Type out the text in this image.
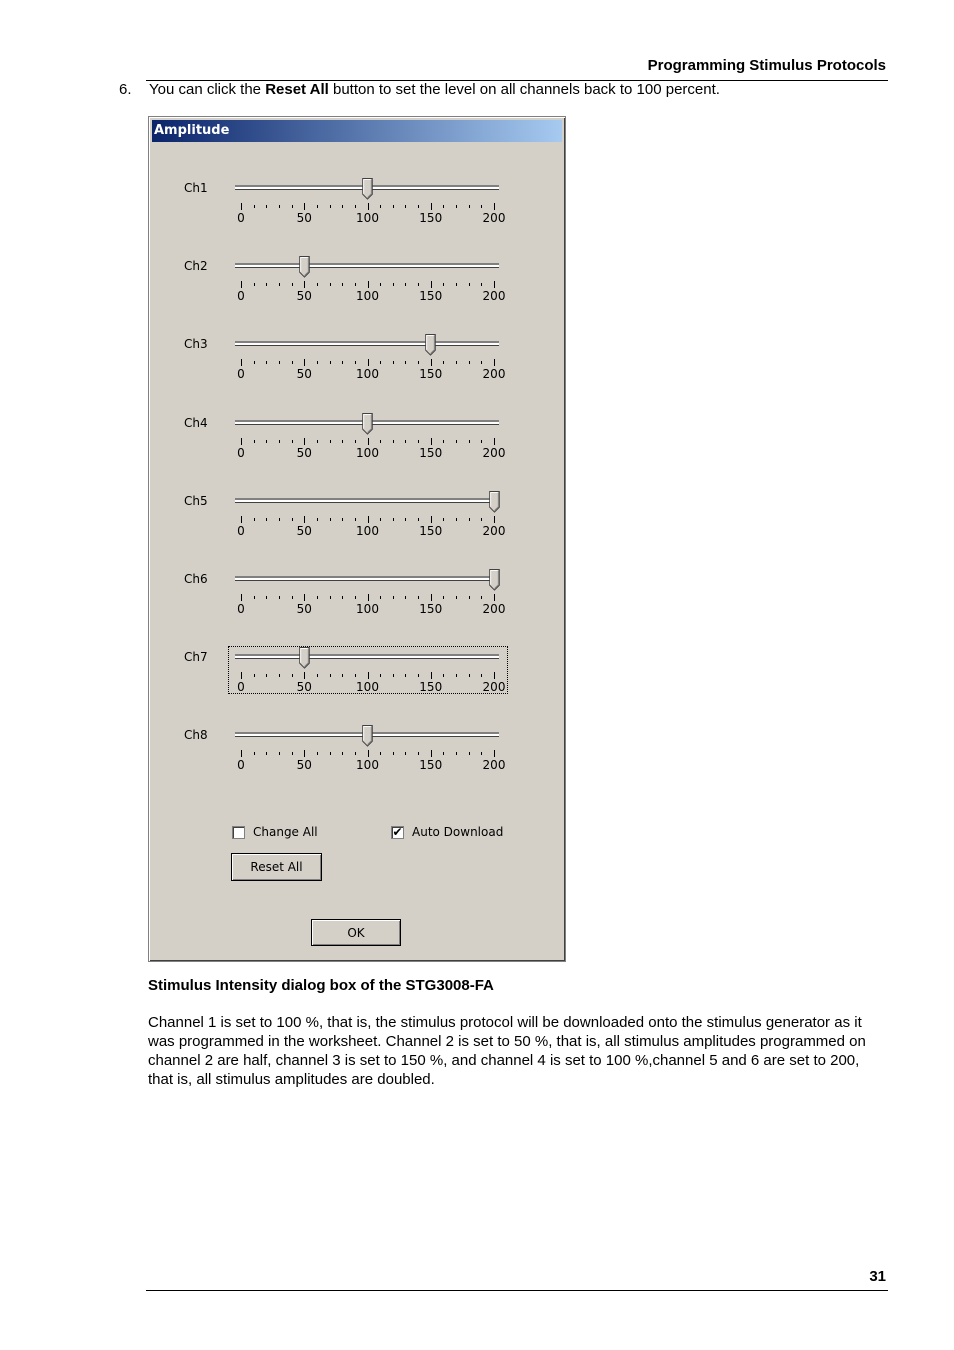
Programming Stimulus Protocols
6. You can click the Reset All button to set the level on all channels back to 100 percent.
Amplitude
Ch1
0	50	100	150	200
Ch2
0	50	100	150	200
Ch3
0	50	100	150	200
Ch4
0	50	100	150	200
Ch5
0	50	100	150	200
Ch6
0	50	100	150	200
Ch7
0	50	100	150	200
Ch8
0	50	100	150	200
Change All	✔ Auto Download
Reset All
OK
Stimulus Intensity dialog box of the STG3008-FA
Channel 1 is set to 100 %, that is, the stimulus protocol will be downloaded onto the stimulus generator as it was programmed in the worksheet. Channel 2 is set to 50 %, that is, all stimulus amplitudes programmed on channel 2 are half, channel 3 is set to 150 %, and channel 4 is set to 100 %,channel 5 and 6 are set to 200, that is, all stimulus amplitudes are doubled.
31
